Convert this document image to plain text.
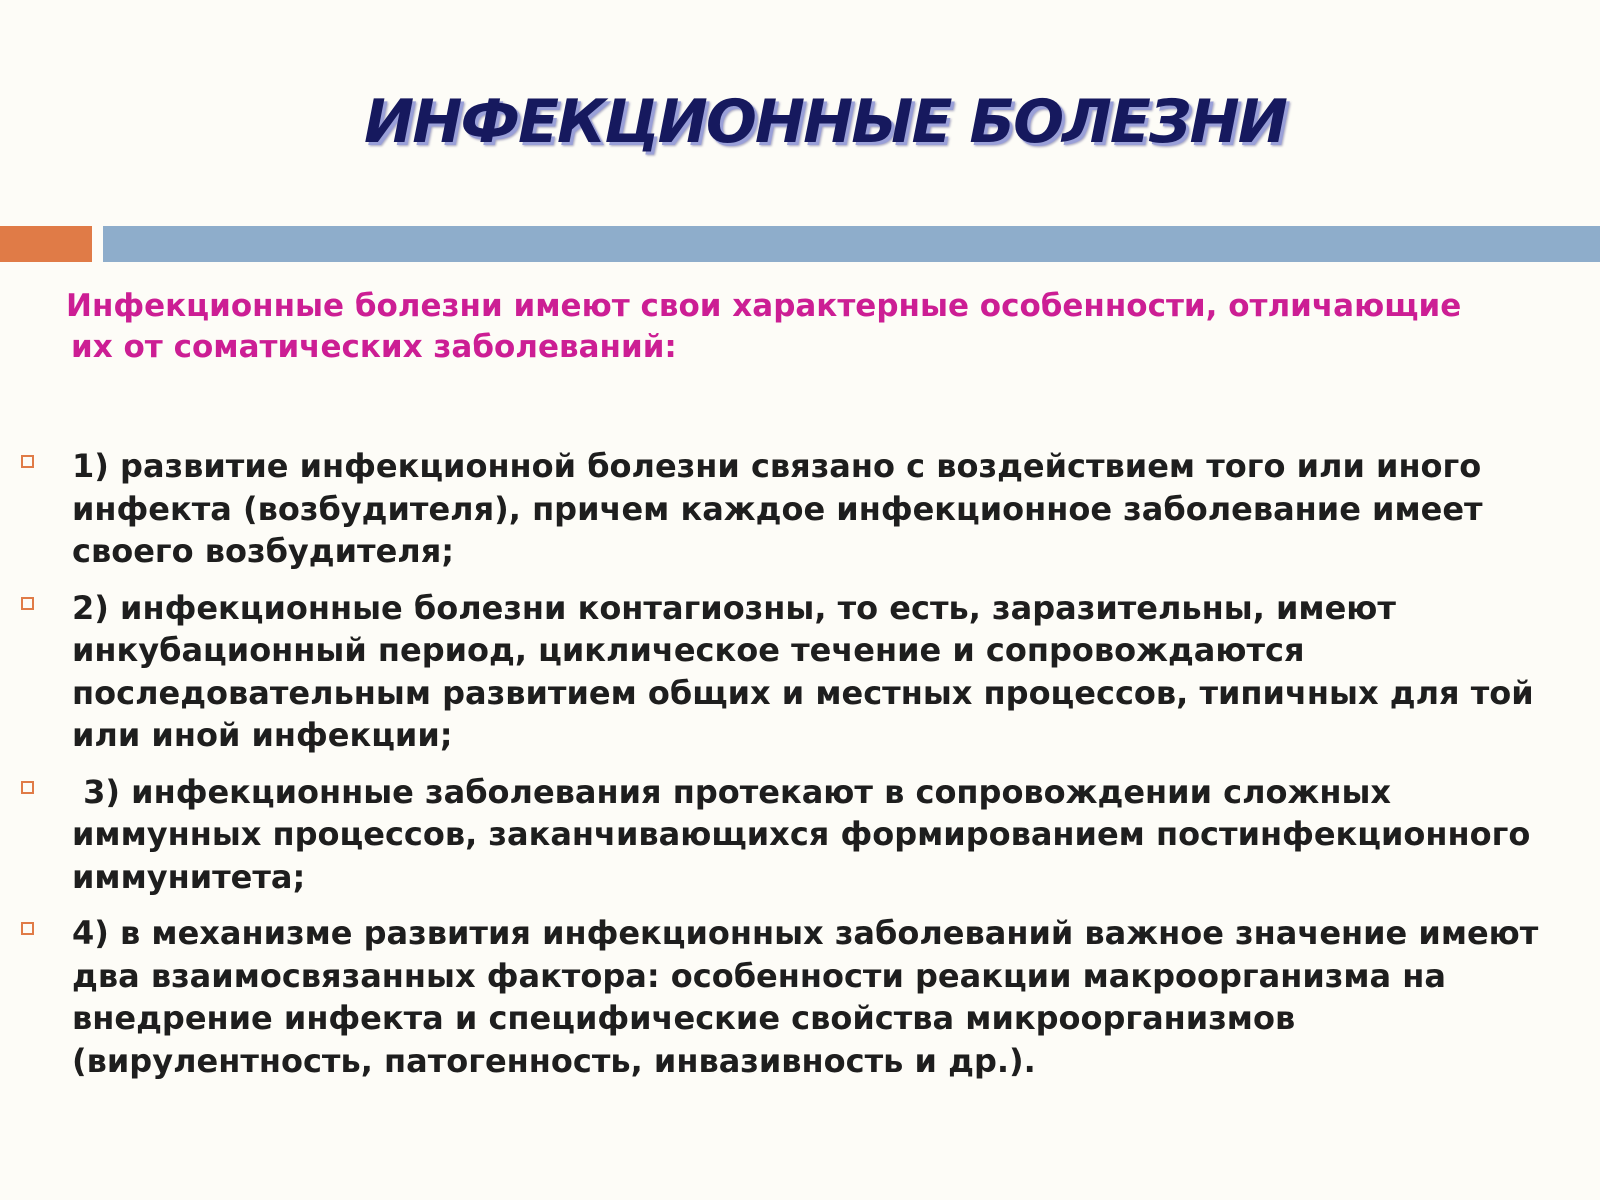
ИНФЕКЦИОННЫЕ БОЛЕЗНИ

Инфекционные болезни имеют свои характерные особенности, отличающие
их от соматических заболеваний:

1) развитие инфекционной болезни связано с воздействием того или иного инфекта (возбудителя), причем каждое инфекционное заболевание имеет своего возбудителя;
2) инфекционные болезни контагиозны, то есть, заразительны, имеют инкубационный период, циклическое течение и сопровождаются последовательным развитием общих и местных процессов, типичных для той или иной инфекции;
3) инфекционные заболевания протекают в сопровождении сложных иммунных процессов, заканчивающихся формированием постинфекционного иммунитета;
4) в механизме развития инфекционных заболеваний важное значение имеют два взаимосвязанных фактора: особенности реакции макроорганизма на внедрение инфекта и специфические свойства микроорганизмов (вирулентность, патогенность, инвазивность и др.).
